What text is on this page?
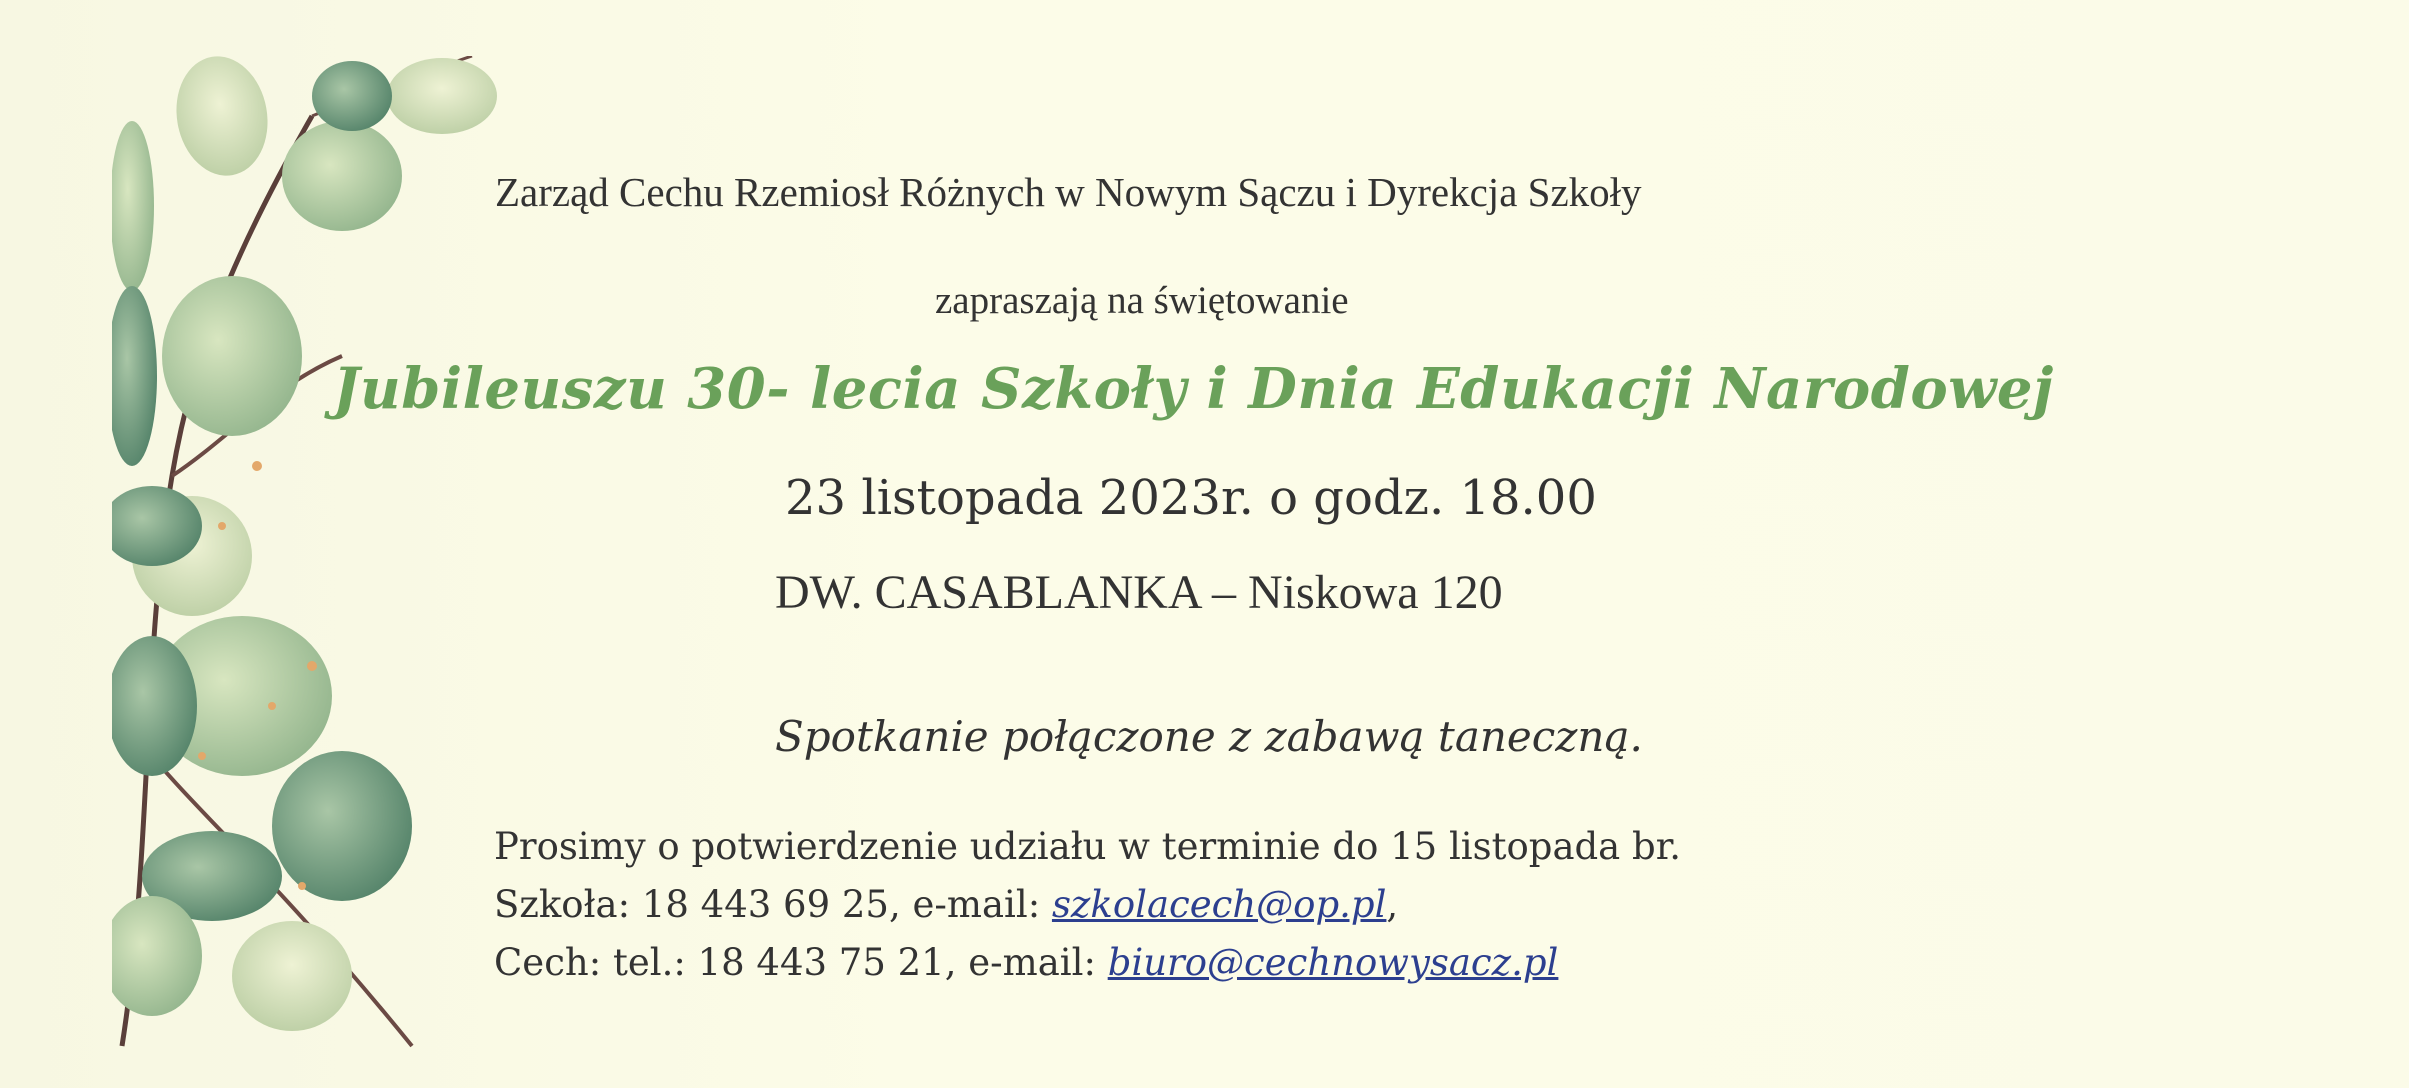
Zarząd Cechu Rzemiosł Różnych w Nowym Sączu i Dyrekcja Szkoły
zapraszają na świętowanie
Jubileuszu 30- lecia Szkoły i Dnia Edukacji Narodowej
23 listopada 2023r. o godz. 18.00
DW. CASABLANKA – Niskowa 120
Spotkanie połączone z zabawą taneczną.
Prosimy o potwierdzenie udziału w terminie do 15 listopada br.
Szkoła: 18 443 69 25, e-mail: szkolacech@op.pl,
Cech: tel.: 18 443 75 21, e-mail: biuro@cechnowysacz.pl
